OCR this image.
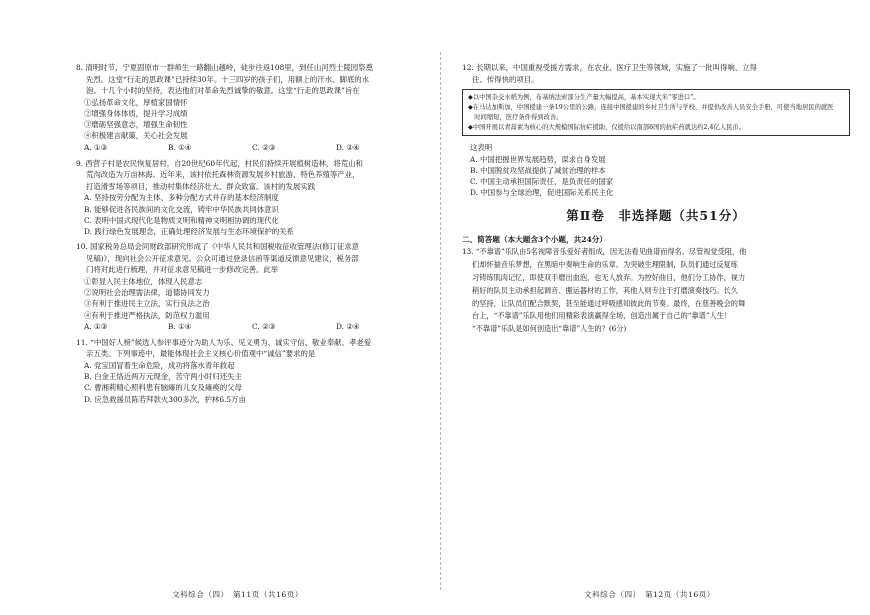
8. 清明时节，宁夏固原市一群师生一路翻山越岭，徒步往返108里，到任山河烈士陵园祭奠
先烈。这堂“行走的思政课”已持续30年。十三四岁的孩子们，用额上的汗水、脚底的水
泡、十几个小时的坚持，表达他们对革命先烈诚挚的敬意。这堂“行走的思政课”旨在
①弘扬革命文化，厚植家国情怀
②增强身体体质，提升学习成绩
③磨砺坚强意志，增强生命韧性
④积极建言献策，关心社会发展
A. ①③	B. ①④	C. ②③	D. ②④
9. 西营子村是农民恢复居村，自20世纪60年代起，村民们持续开展植树造林，将荒山和
荒沟改造为万亩林海。近年来，该村依托森林资源发展乡村旅游、特色养殖等产业，
打造滑雪场等项目，推动村集体经济壮大、群众致富。该村的发展实践
A. 坚持按劳分配为主体、多种分配方式并存的基本经济制度
B. 能够促进各民族间的文化交流，铸牢中华民族共同体意识
C. 表明中国式现代化是物质文明和精神文明相协调的现代化
D. 践行绿色发展理念，正确处理经济发展与生态环境保护的关系
10. 国家税务总局会同财政部研究形成了《中华人民共和国税收征收管理法(修订征求意
见稿)》，现向社会公开征求意见。公众可通过登录信函等渠道反馈意见建议，税务部
门将对此进行梳理，并对征求意见稿进一步修改完善。此举
①彰显人民主体地位，体现人民意志
②说明社会治理需法律，道德协同发力
③有利于推进民主立法，实行良法之治
④有利于推进严格执法，防范权力滥用
A. ①③	B. ①④	C. ②③	D. ②④
11. “中国好人榜”候选人参评事迹分为助人为乐、见义勇为、诚实守信、敬业奉献、孝老爱
亲五类。下列事迹中，最能体现社会主义核心价值观中“诚信”要求的是
A. 党宝国冒着生命危险，成功将落水青年救起
B. 白金王恪近两万元现金，苦守两小时归还失主
C. 曹湘莉精心照料患有脑瘫的儿女及瘫痪的父母
D. 应急救援员陈若拜款火300多次，护林6.5万亩
文科综合（四）　第11页（共16页）
12. 长期以来，中国重视受援方需求，在农业、医疗卫生等领域，实施了一批叫得响、立得
住、传得快的项目。
◆以中国杂交水稻为例，布基纳法索部分生产量大幅提高，基本实现大米“零进口”。
◆在马达加斯加，中国援建一条19公里的公路，连接中国援建的乡村卫生所与学校，并提供改善人员安全手册，可使当地居民的就医
　时间缩短，医疗条件得到改善。
◆中国开展以青蒿素为核心的大规模国际抗疟援助，仅援给以南部6国的抗疟药就达约2.4亿人民币。
这表明
A. 中国把握世界发展趋势，谋求自身发展
B. 中国脱贫攻坚战提供了减贫治理的样本
C. 中国主动承担国际责任，是负责任的国家
D. 中国参与全球治理，促进国际关系民主化
第Ⅱ卷　非选择题（共51分）
二、简答题（本大题含3个小题，共24分）
13. “不靠谱”乐队由5名视障音乐爱好者组成，因无法看见曲谱而得名。尽管视觉受阻，他
们却怀揣音乐梦想，在黑暗中奏响生命的乐章。为突破生理限制，队员们通过反复练
习铸练肌肉记忆，即使双手磨出血泡，也无人放弃。为控好曲目，他们分工协作，视力
稍好的队员主动承担起调音、搬运器材的工作，其他人则专注于打磨演奏技巧。长久
的坚持，让队员们配合默契，甚至能通过呼吸感知彼此的节奏。最终，在慈善晚会的舞
台上，“不靠谱”乐队用他们用精彩表演赢得全场，创造出属于自己的“靠谱”人生！
“不靠谱”乐队是如何创造出“靠谱”人生的？(6分)
文科综合（四）　第12页（共16页）
